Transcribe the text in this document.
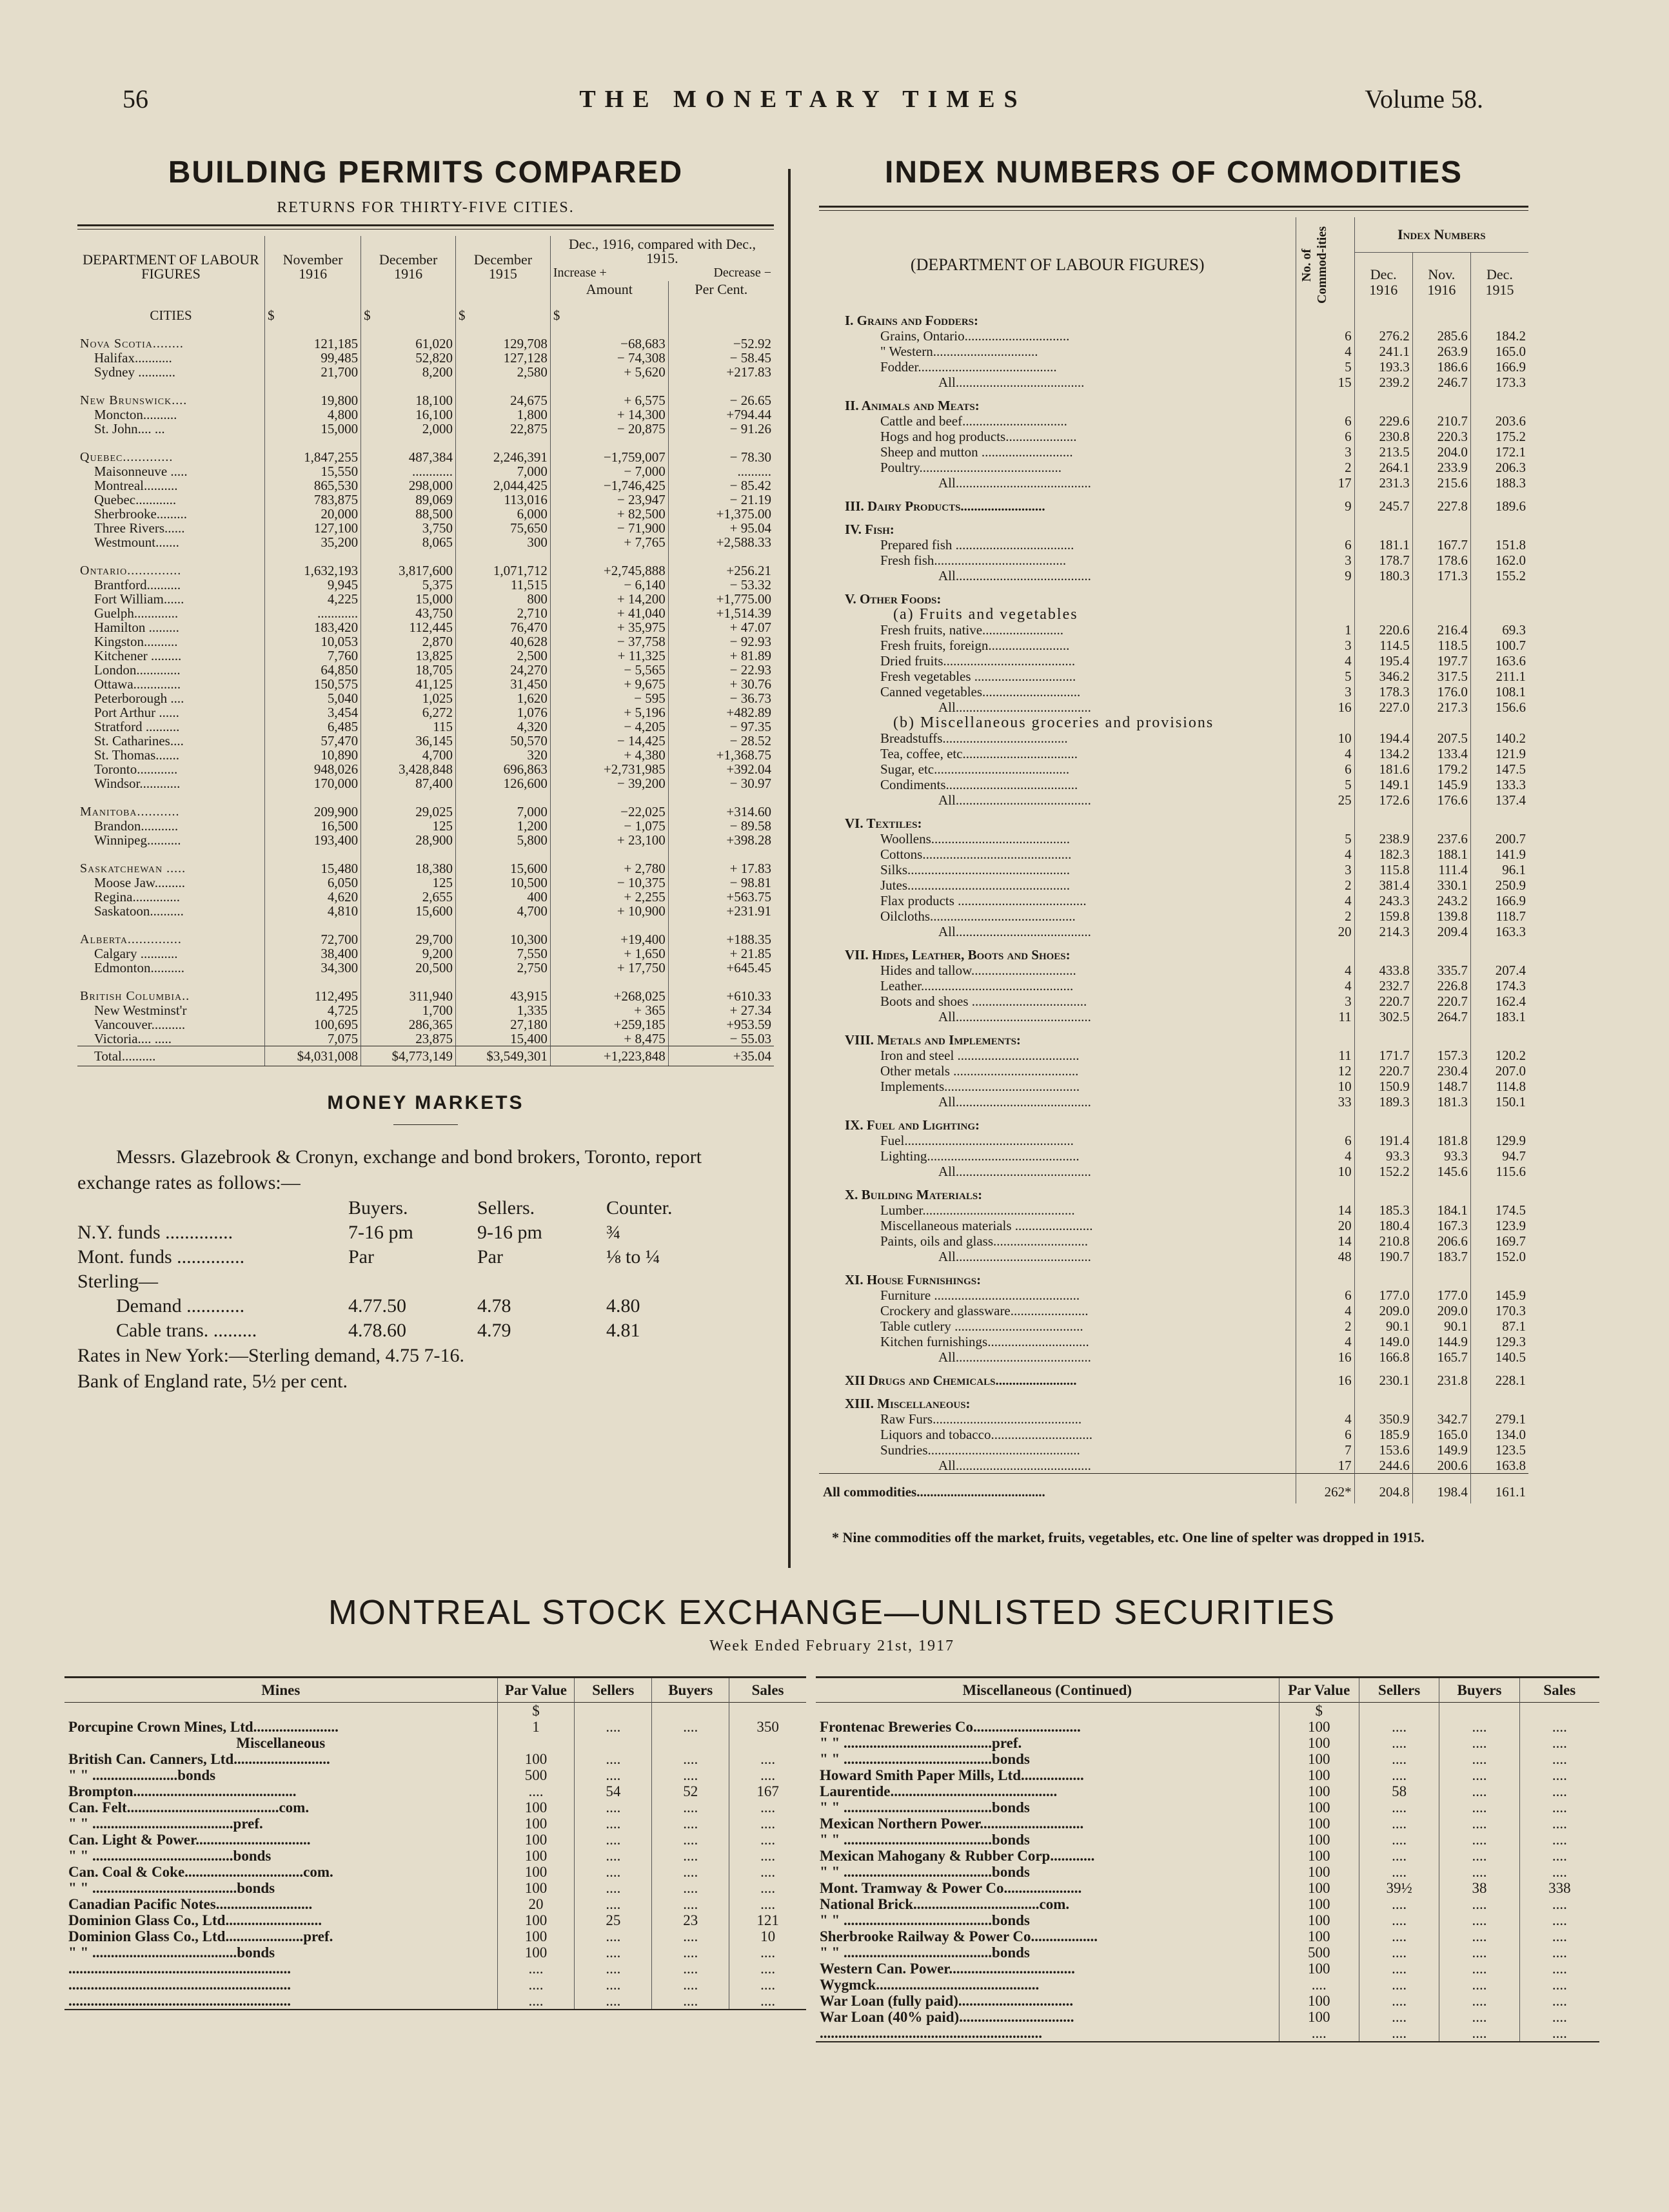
56	THE MONETARY TIMES	Volume 58.
BUILDING PERMITS COMPARED
RETURNS FOR THIRTY-FIVE CITIES.
DEPARTMENT OF LABOUR FIGURES	November 1916	December 1916	December 1915	Dec., 1916, compared with Dec., 1915.
Increase + Decrease −	

				Amount	Per Cent.
CITIES	$	$	$	$	
Nova Scotia........	121,185	61,020	129,708	−68,683	−52.92
Halifax...........	99,485	52,820	127,128	− 74,308	− 58.45
Sydney ...........	21,700	8,200	2,580	+ 5,620	+217.83
New Brunswick....	19,800	18,100	24,675	+ 6,575	− 26.65
Moncton..........	4,800	16,100	1,800	+ 14,300	+794.44
St. John.... ...	15,000	2,000	22,875	− 20,875	− 91.26
Quebec.............	1,847,255	487,384	2,246,391	−1,759,007	− 78.30
Maisonneuve .....	15,550	............	7,000	− 7,000	..........
Montreal..........	865,530	298,000	2,044,425	−1,746,425	− 85.42
Quebec............	783,875	89,069	113,016	− 23,947	− 21.19
Sherbrooke.........	20,000	88,500	6,000	+ 82,500	+1,375.00
Three Rivers......	127,100	3,750	75,650	− 71,900	+ 95.04
Westmount.......	35,200	8,065	300	+ 7,765	+2,588.33
Ontario..............	1,632,193	3,817,600	1,071,712	+2,745,888	+256.21
Brantford..........	9,945	5,375	11,515	− 6,140	− 53.32
Fort William......	4,225	15,000	800	+ 14,200	+1,775.00
Guelph.............	............	43,750	2,710	+ 41,040	+1,514.39
Hamilton .........	183,420	112,445	76,470	+ 35,975	+ 47.07
Kingston..........	10,053	2,870	40,628	− 37,758	− 92.93
Kitchener .........	7,760	13,825	2,500	+ 11,325	+ 81.89
London.............	64,850	18,705	24,270	− 5,565	− 22.93
Ottawa..............	150,575	41,125	31,450	+ 9,675	+ 30.76
Peterborough ....	5,040	1,025	1,620	− 595	− 36.73
Port Arthur ......	3,454	6,272	1,076	+ 5,196	+482.89
Stratford ..........	6,485	115	4,320	− 4,205	− 97.35
St. Catharines....	57,470	36,145	50,570	− 14,425	− 28.52
St. Thomas.......	10,890	4,700	320	+ 4,380	+1,368.75
Toronto............	948,026	3,428,848	696,863	+2,731,985	+392.04
Windsor............	170,000	87,400	126,600	− 39,200	− 30.97
Manitoba...........	209,900	29,025	7,000	−22,025	+314.60
Brandon...........	16,500	125	1,200	− 1,075	− 89.58
Winnipeg..........	193,400	28,900	5,800	+ 23,100	+398.28
Saskatchewan .....	15,480	18,380	15,600	+ 2,780	+ 17.83
Moose Jaw.........	6,050	125	10,500	− 10,375	− 98.81
Regina..............	4,620	2,655	400	+ 2,255	+563.75
Saskatoon..........	4,810	15,600	4,700	+ 10,900	+231.91
Alberta..............	72,700	29,700	10,300	+19,400	+188.35
Calgary ...........	38,400	9,200	7,550	+ 1,650	+ 21.85
Edmonton..........	34,300	20,500	2,750	+ 17,750	+645.45
British Columbia..	112,495	311,940	43,915	+268,025	+610.33
New Westminst'r	4,725	1,700	1,335	+ 365	+ 27.34
Vancouver..........	100,695	286,365	27,180	+259,185	+953.59
Victoria.... .....	7,075	23,875	15,400	+ 8,475	− 55.03
Total..........	$4,031,008	$4,773,149	$3,549,301	+1,223,848	+35.04
MONEY MARKETS

Messrs. Glazebrook & Cronyn, exchange and bond brokers, Toronto, report exchange rates as follows:—

	Buyers.	Sellers.	Counter.
N.Y. funds ..............	7-16 pm	9-16 pm	¾
Mont. funds ..............	Par	Par	⅛ to ¼
Sterling—			
Demand ............	4.77.50	4.78	4.80
Cable trans. .........	4.78.60	4.79	4.81

Rates in New York:—Sterling demand, 4.75 7-16.

Bank of England rate, 5½ per cent.

INDEX NUMBERS OF COMMODITIES
(DEPARTMENT OF LABOUR FIGURES)	No. of Commod-ities	Index Numbers		
		Dec. 1916	Nov. 1916	Dec. 1915
I. Grains and Fodders:				
Grains, Ontario...............................	6	276.2	285.6	184.2
" Western...............................	4	241.1	263.9	165.0
Fodder.........................................	5	193.3	186.6	166.9
All......................................	15	239.2	246.7	173.3
II. Animals and Meats:				
Cattle and beef...............................	6	229.6	210.7	203.6
Hogs and hog products.....................	6	230.8	220.3	175.2
Sheep and mutton ...........................	3	213.5	204.0	172.1
Poultry..........................................	2	264.1	233.9	206.3
All........................................	17	231.3	215.6	188.3
III. Dairy Products.........................	9	245.7	227.8	189.6
IV. Fish:				
Prepared fish ...................................	6	181.1	167.7	151.8
Fresh fish.......................................	3	178.7	178.6	162.0
All........................................	9	180.3	171.3	155.2
V. Other Foods:				
(a) Fruits and vegetables				
Fresh fruits, native........................	1	220.6	216.4	69.3
Fresh fruits, foreign........................	3	114.5	118.5	100.7
Dried fruits.......................................	4	195.4	197.7	163.6
Fresh vegetables ..............................	5	346.2	317.5	211.1
Canned vegetables.............................	3	178.3	176.0	108.1
All........................................	16	227.0	217.3	156.6
(b) Miscellaneous groceries and provisions				
Breadstuffs.....................................	10	194.4	207.5	140.2
Tea, coffee, etc..................................	4	134.2	133.4	121.9
Sugar, etc........................................	6	181.6	179.2	147.5
Condiments.......................................	5	149.1	145.9	133.3
All........................................	25	172.6	176.6	137.4
VI. Textiles:				
Woollens.........................................	5	238.9	237.6	200.7
Cottons............................................	4	182.3	188.1	141.9
Silks................................................	3	115.8	111.4	96.1
Jutes................................................	2	381.4	330.1	250.9
Flax products ......................................	4	243.3	243.2	166.9
Oilcloths...........................................	2	159.8	139.8	118.7
All........................................	20	214.3	209.4	163.3
VII. Hides, Leather, Boots and Shoes:				
Hides and tallow...............................	4	433.8	335.7	207.4
Leather.............................................	4	232.7	226.8	174.3
Boots and shoes ..................................	3	220.7	220.7	162.4
All........................................	11	302.5	264.7	183.1
VIII. Metals and Implements:				
Iron and steel ....................................	11	171.7	157.3	120.2
Other metals .....................................	12	220.7	230.4	207.0
Implements........................................	10	150.9	148.7	114.8
All........................................	33	189.3	181.3	150.1
IX. Fuel and Lighting:				
Fuel..................................................	6	191.4	181.8	129.9
Lighting.............................................	4	93.3	93.3	94.7
All........................................	10	152.2	145.6	115.6
X. Building Materials:				
Lumber.............................................	14	185.3	184.1	174.5
Miscellaneous materials .......................	20	180.4	167.3	123.9
Paints, oils and glass............................	14	210.8	206.6	169.7
All........................................	48	190.7	183.7	152.0
XI. House Furnishings:				
Furniture ...........................................	6	177.0	177.0	145.9
Crockery and glassware.......................	4	209.0	209.0	170.3
Table cutlery ......................................	2	90.1	90.1	87.1
Kitchen furnishings..............................	4	149.0	144.9	129.3
All........................................	16	166.8	165.7	140.5
XII Drugs and Chemicals........................	16	230.1	231.8	228.1
XIII. Miscellaneous:				
Raw Furs............................................	4	350.9	342.7	279.1
Liquors and tobacco..............................	6	185.9	165.0	134.0
Sundries.............................................	7	153.6	149.9	123.5
All........................................	17	244.6	200.6	163.8
All commodities......................................	262*	204.8	198.4	161.1
* Nine commodities off the market, fruits, vegetables, etc. One line of spelter was dropped in 1915.
MONTREAL STOCK EXCHANGE—UNLISTED SECURITIES
Week Ended February 21st, 1917
Mines	Par Value	Sellers	Buyers	Sales
	$			
Porcupine Crown Mines, Ltd.......................	1	....	....	350
Miscellaneous				
British Can. Canners, Ltd..........................	100	....	....	....
" " .......................bonds	500	....	....	....
Brompton............................................	....	54	52	167
Can. Felt.........................................com.	100	....	....	....
" " ......................................pref.	100	....	....	....
Can. Light & Power...............................	100	....	....	....
" " ......................................bonds	100	....	....	....
Can. Coal & Coke................................com.	100	....	....	....
" " .......................................bonds	100	....	....	....
Canadian Pacific Notes..........................	20	....	....	....
Dominion Glass Co., Ltd..........................	100	25	23	121
Dominion Glass Co., Ltd.....................pref.	100	....	....	10
" " .......................................bonds	100	....	....	....
............................................................	....	....	....	....
............................................................	....	....	....	....
............................................................	....	....	....	....
Miscellaneous (Continued)	Par Value	Sellers	Buyers	Sales
	$			
Frontenac Breweries Co.............................	100	....	....	....
" " ........................................pref.	100	....	....	....
" " ........................................bonds	100	....	....	....
Howard Smith Paper Mills, Ltd.................	100	....	....	....
Laurentide.............................................	100	58	....	....
" " ........................................bonds	100	....	....	....
Mexican Northern Power............................	100	....	....	....
" " ........................................bonds	100	....	....	....
Mexican Mahogany & Rubber Corp............	100	....	....	....
" " ........................................bonds	100	....	....	....
Mont. Tramway & Power Co.....................	100	39½	38	338
National Brick..................................com.	100	....	....	....
" " ........................................bonds	100	....	....	....
Sherbrooke Railway & Power Co..................	100	....	....	....
" " ........................................bonds	500	....	....	....
Western Can. Power..................................	100	....	....	....
Wygmck............................................	....	....	....	....
War Loan (fully paid)...............................	100	....	....	....
War Loan (40% paid)...............................	100	....	....	....
............................................................	....	....	....	....
